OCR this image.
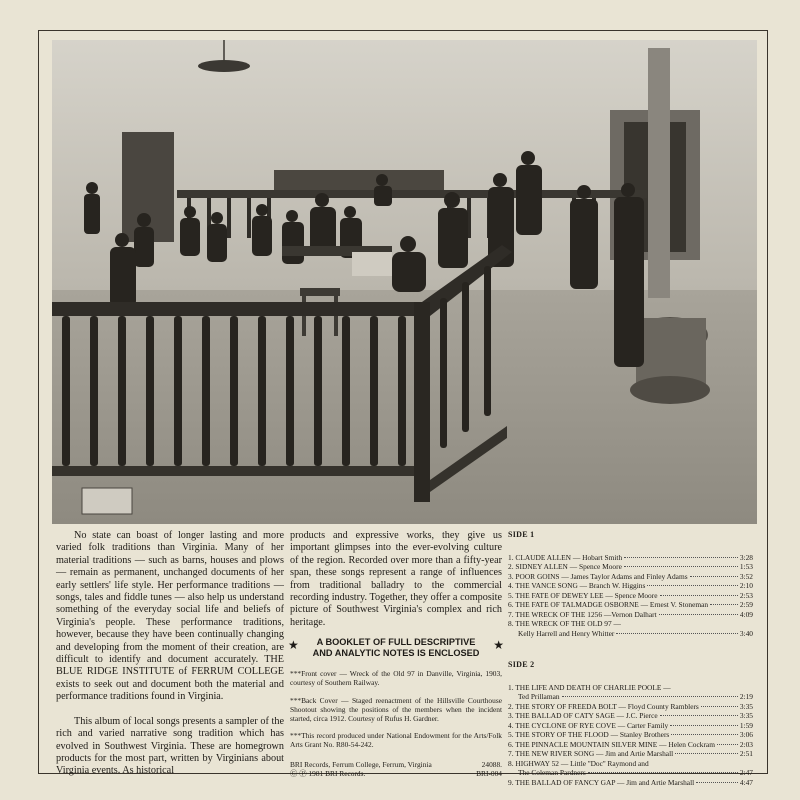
No state can boast of longer lasting and more varied folk traditions than Virginia. Many of her material traditions — such as barns, houses and plows — remain as permanent, unchanged documents of her early settlers' life style. Her performance traditions — songs, tales and fiddle tunes — also help us understand something of the everyday social life and beliefs of Virginia's people. These performance traditions, however, because they have been continually changing and developing from the moment of their creation, are difficult to identify and document accurately. THE BLUE RIDGE INSTITUTE of FERRUM COLLEGE exists to seek out and document both the material and performance traditions found in Virginia.

This album of local songs presents a sampler of the rich and varied narrative song tradition which has evolved in Southwest Virginia. These are homegrown products for the most part, written by Virginians about Virginia events. As historical

products and expressive works, they give us important glimpses into the ever-evolving culture of the region. Recorded over more than a fifty-year span, these songs represent a range of influences from traditional balladry to the commercial recording industry. Together, they offer a composite picture of Southwest Virginia's complex and rich heritage.

★	A BOOKLET OF FULL DESCRIPTIVE
AND ANALYTIC NOTES IS ENCLOSED
★

***Front cover — Wreck of the Old 97 in Danville, Virginia, 1903, courtesy of Southern Railway.

***Back Cover — Staged reenactment of the Hillsville Courthouse Shootout showing the positions of the members when the incident started, circa 1912. Courtesy of Rufus H. Gardner.

***This record produced under National Endowment for the Arts/Folk Arts Grant No. R80-54-242.

BRI Records, Ferrum College, Ferrum, Virginia	24088.
Ⓒ Ⓟ 1981 BRI Records.	BRI-004
SIDE 1
1. CLAUDE ALLEN — Hobart Smith	3:28
2. SIDNEY ALLEN — Spence Moore	1:53
3. POOR GOINS — James Taylor Adams and Finley Adams	3:52
4. THE VANCE SONG — Branch W. Higgins	2:10
5. THE FATE OF DEWEY LEE — Spence Moore	2:53
6. THE FATE OF TALMADGE OSBORNE — Ernest V. Stoneman	2:59
7. THE WRECK OF THE 1256 —Vernon Dalhart	4:09
8. THE WRECK OF THE OLD 97 —
Kelly Harrell and Henry Whitter	3:40
SIDE 2
1. THE LIFE AND DEATH OF CHARLIE POOLE —
Ted Prillaman	2:19
2. THE STORY OF FREEDA BOLT — Floyd County Ramblers	3:35
3. THE BALLAD OF CATY SAGE — J.C. Pierce	3:35
4. THE CYCLONE OF RYE COVE — Carter Family	1:59
5. THE STORY OF THE FLOOD — Stanley Brothers	3:06
6. THE PINNACLE MOUNTAIN SILVER MINE — Helen Cockram	2:03
7. THE NEW RIVER SONG — Jim and Artie Marshall	2:51
8. HIGHWAY 52 — Little ''Doc'' Raymond and
The Coleman Pardners	2:47
9. THE BALLAD OF FANCY GAP — Jim and Artie Marshall	4:47
